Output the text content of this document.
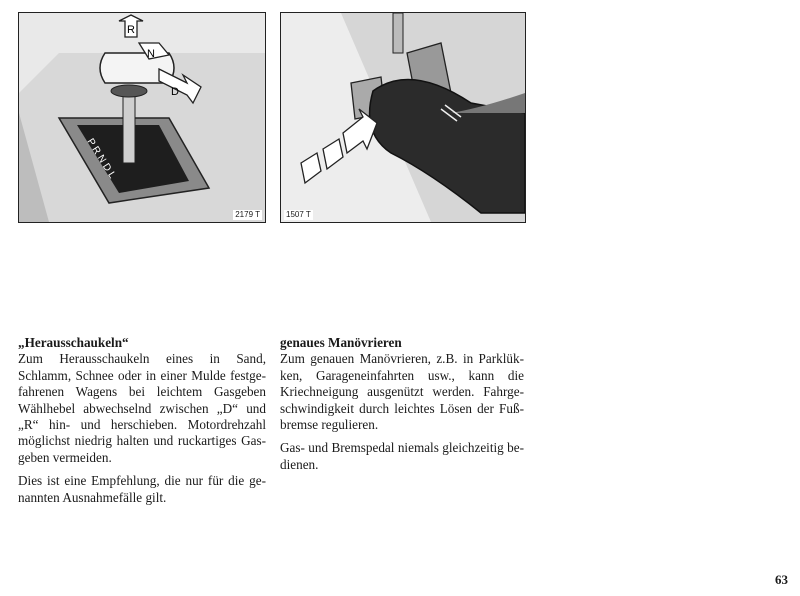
R
N
D
P R N D L
2179 T	1507 T
„Herausschaukeln“

Zum Herausschaukeln eines in Sand, Schlamm, Schnee oder in einer Mulde festgefahrenen Wagens bei leichtem Gasgeben Wählhebel abwechselnd zwischen „D“ und „R“ hin- und herschieben. Motordrehzahl möglichst niedrig halten und ruckartiges Gasgeben vermeiden.

Dies ist eine Empfehlung, die nur für die genannten Ausnahmefälle gilt.

genaues Manövrieren

Zum genauen Manövrieren, z.B. in Parklükken, Garageneinfahrten usw., kann die Kriechneigung ausgenützt werden. Fahrgeschwindigkeit durch leichtes Lösen der Fußbremse regulieren.

Gas- und Bremspedal niemals gleichzeitig bedienen.

63
